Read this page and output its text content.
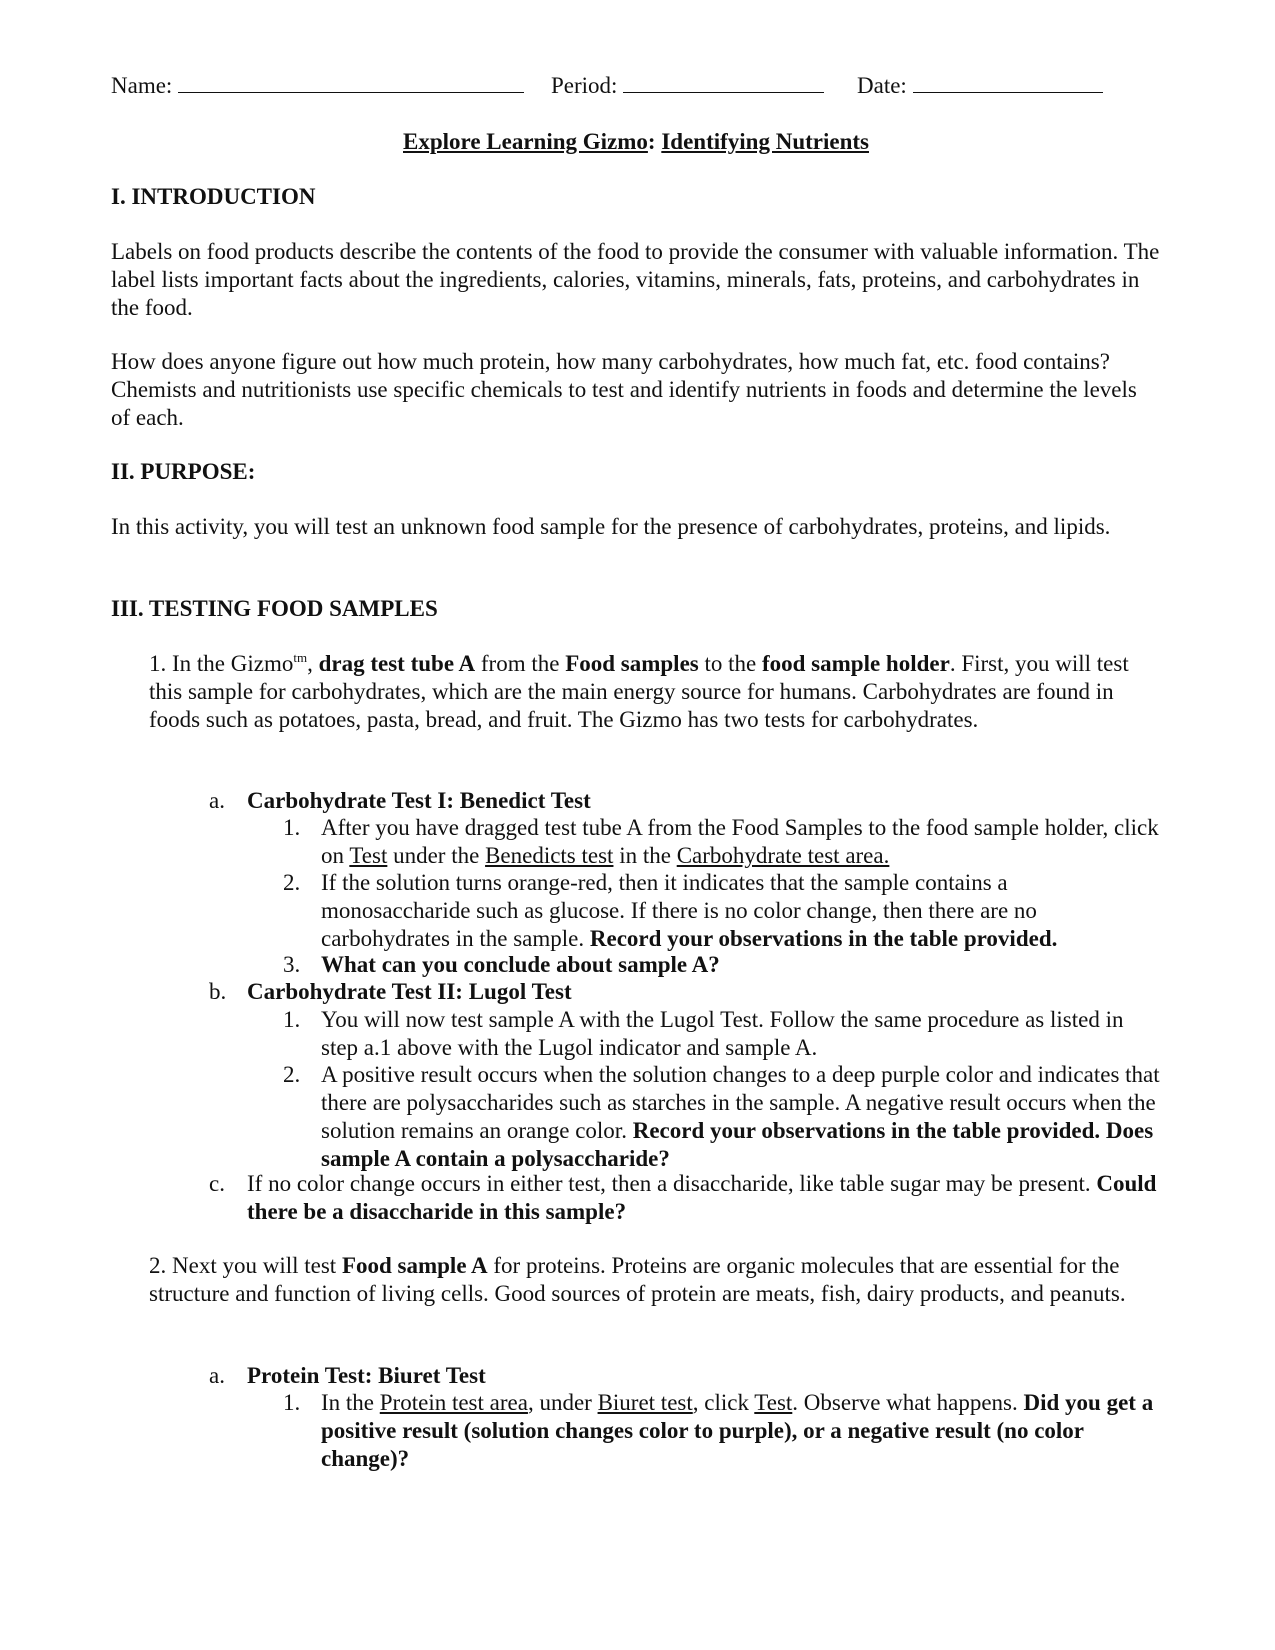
Name:	Period:	Date:
Explore Learning Gizmo: Identifying Nutrients
I. INTRODUCTION

Labels on food products describe the contents of the food to provide the consumer with valuable information. The label lists important facts about the ingredients, calories, vitamins, minerals, fats, proteins, and carbohydrates in the food.

How does anyone figure out how much protein, how many carbohydrates, how much fat, etc. food contains? Chemists and nutritionists use specific chemicals to test and identify nutrients in foods and determine the levels of each.

II. PURPOSE:

In this activity, you will test an unknown food sample for the presence of carbohydrates, proteins, and lipids.

III. TESTING FOOD SAMPLES

1. In the Gizmo$^{tm}$, drag test tube A from the Food samples to the food sample holder. First, you will test this sample for carbohydrates, which are the main energy source for humans. Carbohydrates are found in foods such as potatoes, pasta, bread, and fruit. The Gizmo has two tests for carbohydrates.

a. Carbohydrate Test I: Benedict Test
1. After you have dragged test tube A from the Food Samples to the food sample holder, click on Test under the Benedicts test in the Carbohydrate test area.

2. If the solution turns orange-red, then it indicates that the sample contains a monosaccharide such as glucose. If there is no color change, then there are no carbohydrates in the sample. Record your observations in the table provided.

3. What can you conclude about sample A?

b. Carbohydrate Test II: Lugol Test
1. You will now test sample A with the Lugol Test. Follow the same procedure as listed in step a.1 above with the Lugol indicator and sample A.

2. A positive result occurs when the solution changes to a deep purple color and indicates that there are polysaccharides such as starches in the sample. A negative result occurs when the solution remains an orange color. Record your observations in the table provided. Does sample A contain a polysaccharide?

c. If no color change occurs in either test, then a disaccharide, like table sugar may be present. Could there be a disaccharide in this sample?

2. Next you will test Food sample A for proteins. Proteins are organic molecules that are essential for the structure and function of living cells. Good sources of protein are meats, fish, dairy products, and peanuts.

a. Protein Test: Biuret Test
1. In the Protein test area, under Biuret test, click Test. Observe what happens. Did you get a positive result (solution changes color to purple), or a negative result (no color change)?
